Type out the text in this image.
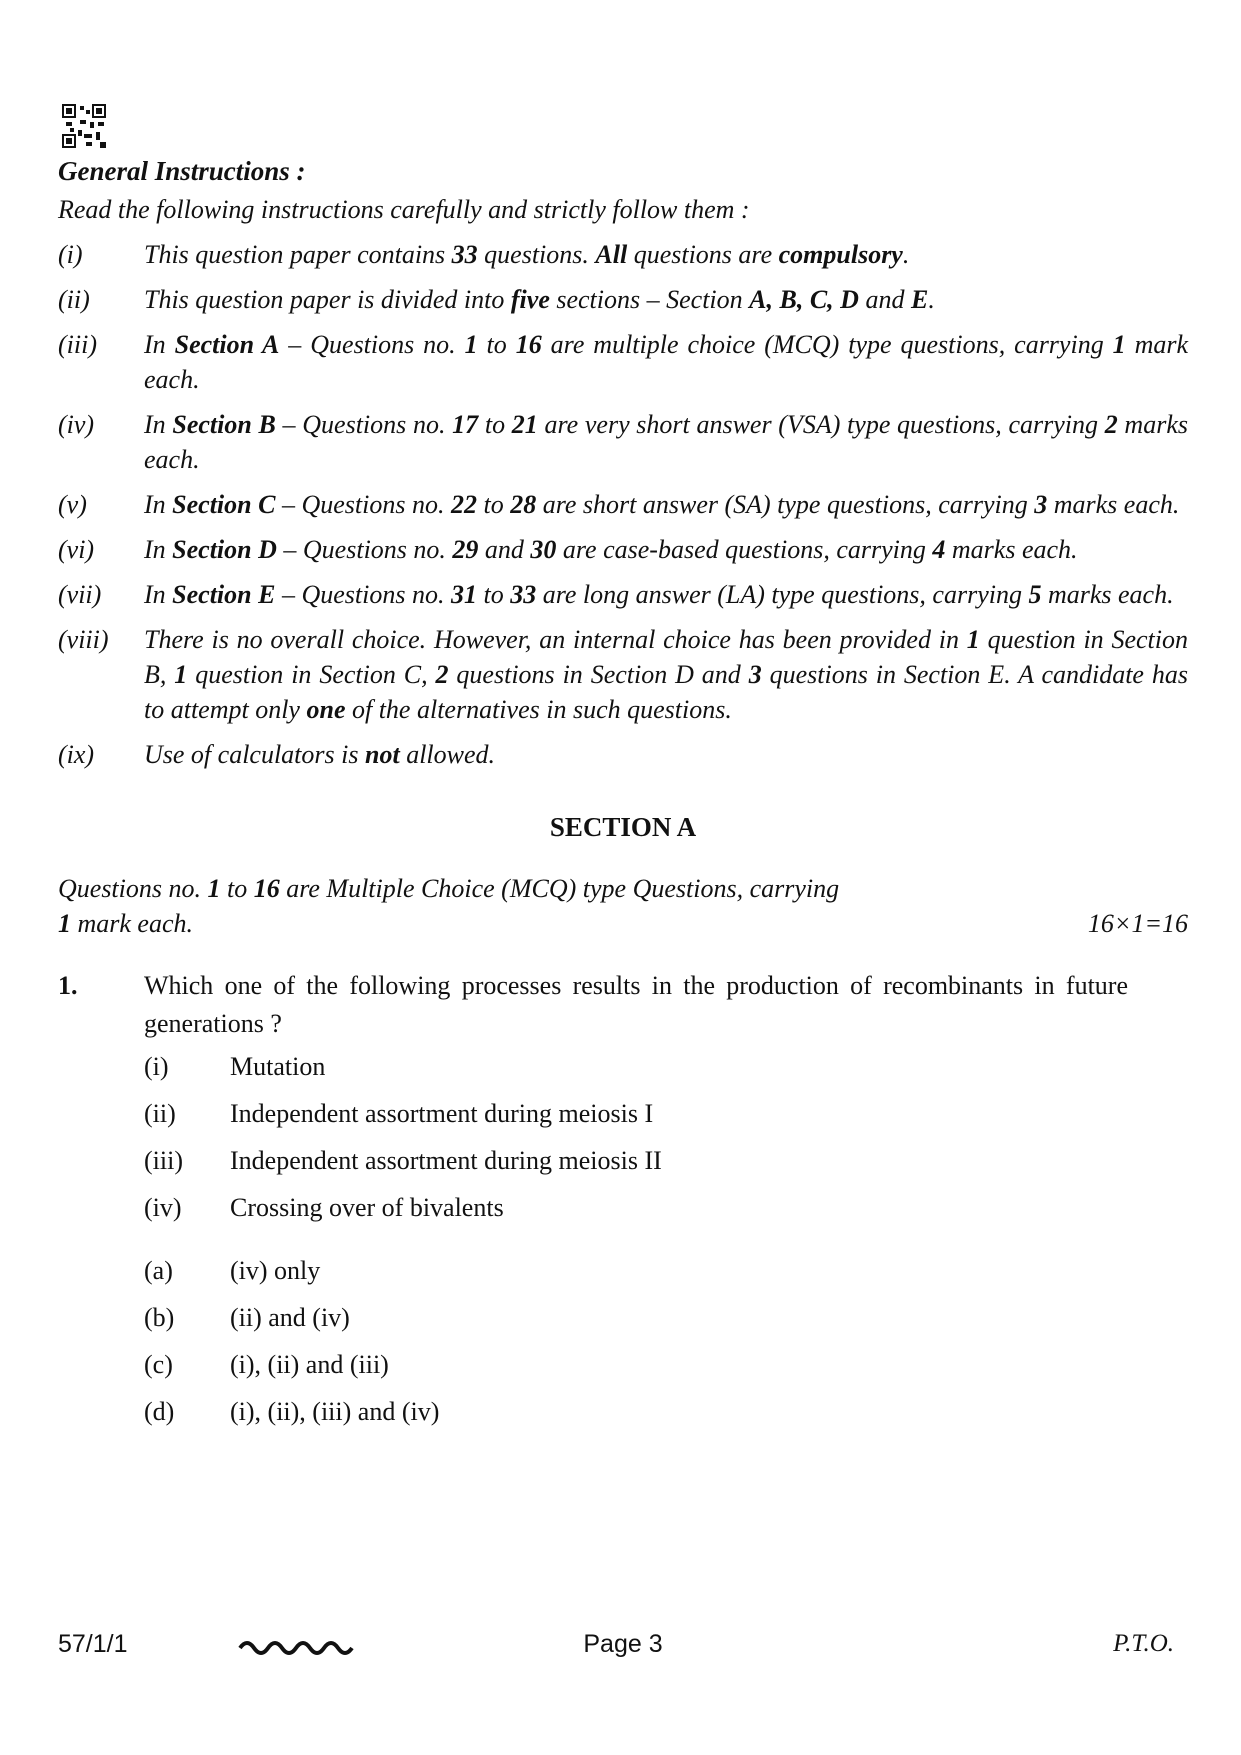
General Instructions :
Read the following instructions carefully and strictly follow them :
(i)	This question paper contains 33 questions. All questions are compulsory.
(ii)	This question paper is divided into five sections – Section A, B, C, D and E.
(iii)	In Section A – Questions no. 1 to 16 are multiple choice (MCQ) type questions, carrying 1 mark each.
(iv)	In Section B – Questions no. 17 to 21 are very short answer (VSA) type questions, carrying 2 marks each.
(v)	In Section C – Questions no. 22 to 28 are short answer (SA) type questions, carrying 3 marks each.
(vi)	In Section D – Questions no. 29 and 30 are case-based questions, carrying 4 marks each.
(vii)	In Section E – Questions no. 31 to 33 are long answer (LA) type questions, carrying 5 marks each.
(viii)	There is no overall choice. However, an internal choice has been provided in 1 question in Section B, 1 question in Section C, 2 questions in Section D and 3 questions in Section E. A candidate has to attempt only one of the alternatives in such questions.
(ix)	Use of calculators is not allowed.
SECTION A
Questions no. 1 to 16 are Multiple Choice (MCQ) type Questions, carrying
1 mark each.	16×1=16
1.	Which one of the following processes results in the production of recombinants in future generations ?
(i)	Mutation
(ii)	Independent assortment during meiosis I
(iii)	Independent assortment during meiosis II
(iv)	Crossing over of bivalents
(a)	(iv) only
(b)	(ii) and (iv)
(c)	(i), (ii) and (iii)
(d)	(i), (ii), (iii) and (iv)
57/1/1	Page 3	P.T.O.
